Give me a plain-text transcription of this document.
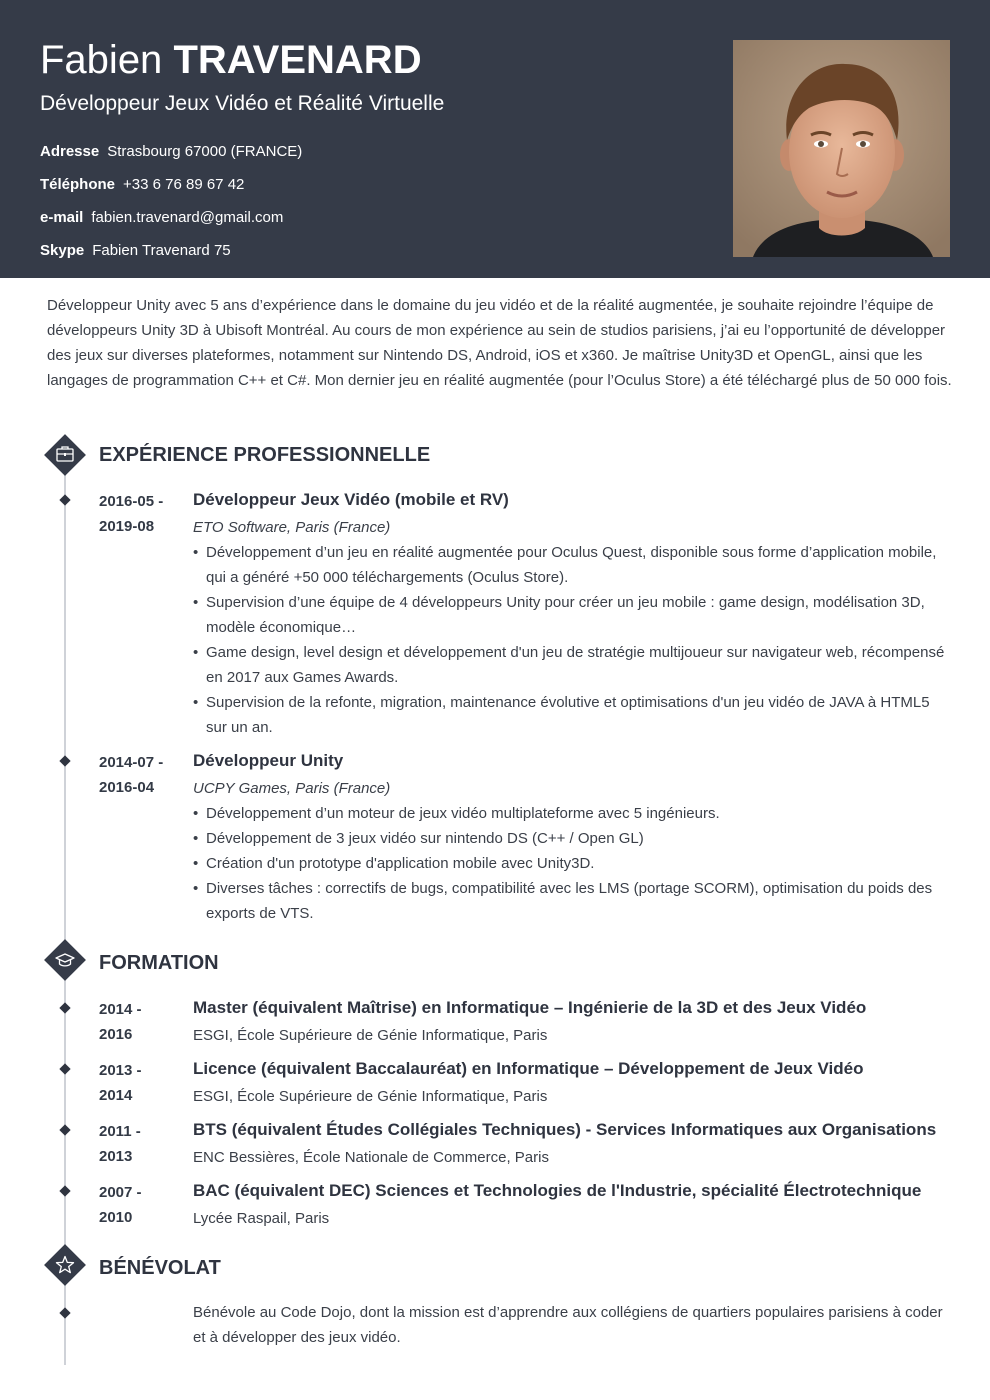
Fabien TRAVENARD
Développeur Jeux Vidéo et Réalité Virtuelle
Adresse Strasbourg 67000 (FRANCE)
Téléphone +33 6 76 89 67 42
e-mail fabien.travenard@gmail.com
Skype Fabien Travenard 75
Développeur Unity avec 5 ans d’expérience dans le domaine du jeu vidéo et de la réalité augmentée, je souhaite rejoindre l’équipe de développeurs Unity 3D à Ubisoft Montréal. Au cours de mon expérience au sein de studios parisiens, j’ai eu l’opportunité de développer des jeux sur diverses plateformes, notamment sur Nintendo DS, Android, iOS et x360. Je maîtrise Unity3D et OpenGL, ainsi que les langages de programmation C++ et C#. Mon dernier jeu en réalité augmentée (pour l’Oculus Store) a été téléchargé plus de 50 000 fois.
EXPÉRIENCE PROFESSIONNELLE
2016-05 -
2019-08
Développeur Jeux Vidéo (mobile et RV)
ETO Software, Paris (France)
• Développement d’un jeu en réalité augmentée pour Oculus Quest, disponible sous forme d’application mobile, qui a généré +50 000 téléchargements (Oculus Store).
• Supervision d’une équipe de 4 développeurs Unity pour créer un jeu mobile : game design, modélisation 3D, modèle économique…
• Game design, level design et développement d'un jeu de stratégie multijoueur sur navigateur web, récompensé en 2017 aux Games Awards.
• Supervision de la refonte, migration, maintenance évolutive et optimisations d'un jeu vidéo de JAVA à HTML5 sur un an.
2014-07 -
2016-04
Développeur Unity
UCPY Games, Paris (France)
• Développement d’un moteur de jeux vidéo multiplateforme avec 5 ingénieurs.
• Développement de 3 jeux vidéo sur nintendo DS (C++ / Open GL)
• Création d'un prototype d'application mobile avec Unity3D.
• Diverses tâches : correctifs de bugs, compatibilité avec les LMS (portage SCORM), optimisation du poids des exports de VTS.
FORMATION
2014 -
2016
Master (équivalent Maîtrise) en Informatique – Ingénierie de la 3D et des Jeux Vidéo
ESGI, École Supérieure de Génie Informatique, Paris
2013 -
2014
Licence (équivalent Baccalauréat) en Informatique – Développement de Jeux Vidéo
ESGI, École Supérieure de Génie Informatique, Paris
2011 -
2013
BTS (équivalent Études Collégiales Techniques) - Services Informatiques aux Organisations
ENC Bessières, École Nationale de Commerce, Paris
2007 -
2010
BAC (équivalent DEC) Sciences et Technologies de l'Industrie, spécialité Électrotechnique
Lycée Raspail, Paris
BÉNÉVOLAT
Bénévole au Code Dojo, dont la mission est d’apprendre aux collégiens de quartiers populaires parisiens à coder et à développer des jeux vidéo.
